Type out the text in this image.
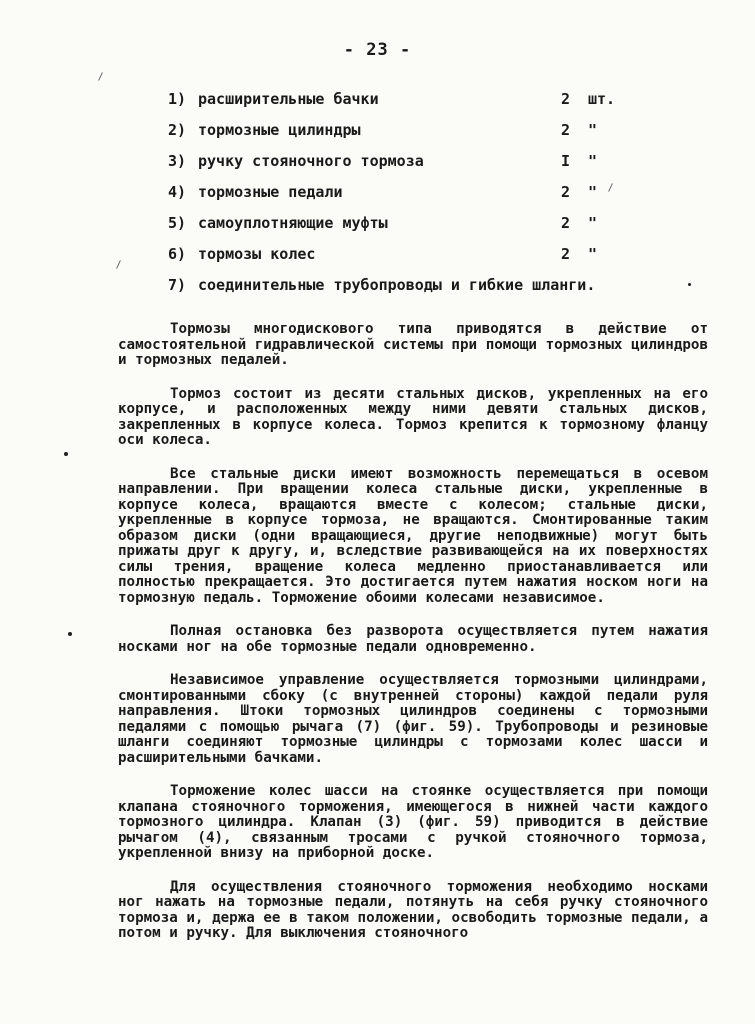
- 23 -
1) расширительные бачки	2 шт.
2) тормозные цилиндры	2 "
3) ручку стояночного тормоза	I "
4) тормозные педали	2 "
5) самоуплотняющие муфты	2 "
6) тормозы колес	2 "
7) соединительные трубопроводы и гибкие шланги.

Тормозы многодискового типа приводятся в действие от самостоятельной гидравлической системы при помощи тормозных цилиндров и тормозных педалей.

Тормоз состоит из десяти стальных дисков, укрепленных на его корпусе, и расположенных между ними девяти стальных дисков, закрепленных в корпусе колеса. Тормоз крепится к тормозному фланцу оси колеса.

Все стальные диски имеют возможность перемещаться в осевом направлении. При вращении колеса стальные диски, укрепленные в корпусе колеса, вращаются вместе с колесом; стальные диски, укрепленные в корпусе тормоза, не вращаются. Смонтированные таким образом диски (одни вращающиеся, другие неподвижные) могут быть прижаты друг к другу, и, вследствие развивающейся на их поверхностях силы трения, вращение колеса медленно приостанавливается или полностью прекращается. Это достигается путем нажатия носком ноги на тормозную педаль. Торможение обоими колесами независимое.

Полная остановка без разворота осуществляется путем нажатия носками ног на обе тормозные педали одновременно.

Независимое управление осуществляется тормозными цилиндрами, смонтированными сбоку (с внутренней стороны) каждой педали руля направления. Штоки тормозных цилиндров соединены с тормозными педалями с помощью рычага (7) (фиг. 59). Трубопроводы и резиновые шланги соединяют тормозные цилиндры с тормозами колес шасси и расширительными бачками.

Торможение колес шасси на стоянке осуществляется при помощи клапана стояночного торможения, имеющегося в нижней части каждого тормозного цилиндра. Клапан (3) (фиг. 59) приводится в действие рычагом (4), связанным тросами с ручкой стояночного тормоза, укрепленной внизу на приборной доске.

Для осуществления стояночного торможения необходимо носками ног нажать на тормозные педали, потянуть на себя ручку стояночного тормоза и, держа ее в таком положении, освободить тормозные педали, а потом и ручку. Для выключения стояночного
